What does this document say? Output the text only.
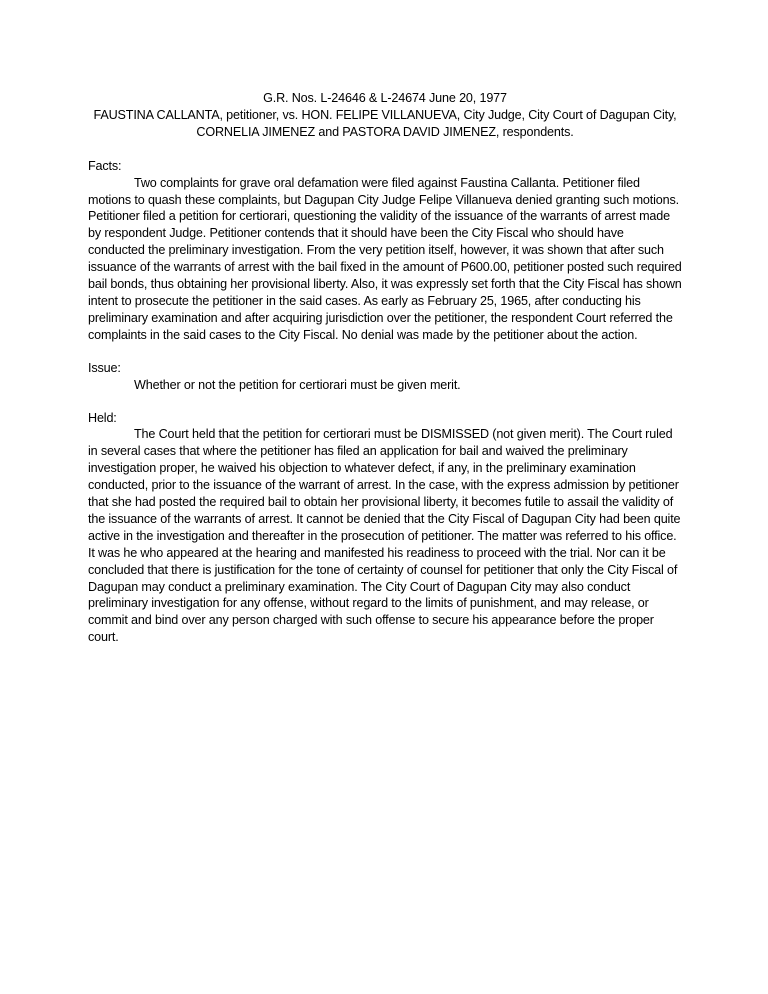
G.R. Nos. L-24646 & L-24674 June 20, 1977
FAUSTINA CALLANTA, petitioner, vs. HON. FELIPE VILLANUEVA, City Judge, City Court of Dagupan City,
CORNELIA JIMENEZ and PASTORA DAVID JIMENEZ, respondents.
Facts:

Two complaints for grave oral defamation were filed against Faustina Callanta. Petitioner filed motions to quash these complaints, but Dagupan City Judge Felipe Villanueva denied granting such motions. Petitioner filed a petition for certiorari, questioning the validity of the issuance of the warrants of arrest made by respondent Judge. Petitioner contends that it should have been the City Fiscal who should have conducted the preliminary investigation. From the very petition itself, however, it was shown that after such issuance of the warrants of arrest with the bail fixed in the amount of P600.00, petitioner posted such required bail bonds, thus obtaining her provisional liberty. Also, it was expressly set forth that the City Fiscal has shown intent to prosecute the petitioner in the said cases. As early as February 25, 1965, after conducting his preliminary examination and after acquiring jurisdiction over the petitioner, the respondent Court referred the complaints in the said cases to the City Fiscal. No denial was made by the petitioner about the action.

Issue:

Whether or not the petition for certiorari must be given merit.

Held:

The Court held that the petition for certiorari must be DISMISSED (not given merit). The Court ruled in several cases that where the petitioner has filed an application for bail and waived the preliminary investigation proper, he waived his objection to whatever defect, if any, in the preliminary examination conducted, prior to the issuance of the warrant of arrest. In the case, with the express admission by petitioner that she had posted the required bail to obtain her provisional liberty, it becomes futile to assail the validity of the issuance of the warrants of arrest. It cannot be denied that the City Fiscal of Dagupan City had been quite active in the investigation and thereafter in the prosecution of petitioner. The matter was referred to his office. It was he who appeared at the hearing and manifested his readiness to proceed with the trial. Nor can it be concluded that there is justification for the tone of certainty of counsel for petitioner that only the City Fiscal of Dagupan may conduct a preliminary examination. The City Court of Dagupan City may also conduct preliminary investigation for any offense, without regard to the limits of punishment, and may release, or commit and bind over any person charged with such offense to secure his appearance before the proper court.
